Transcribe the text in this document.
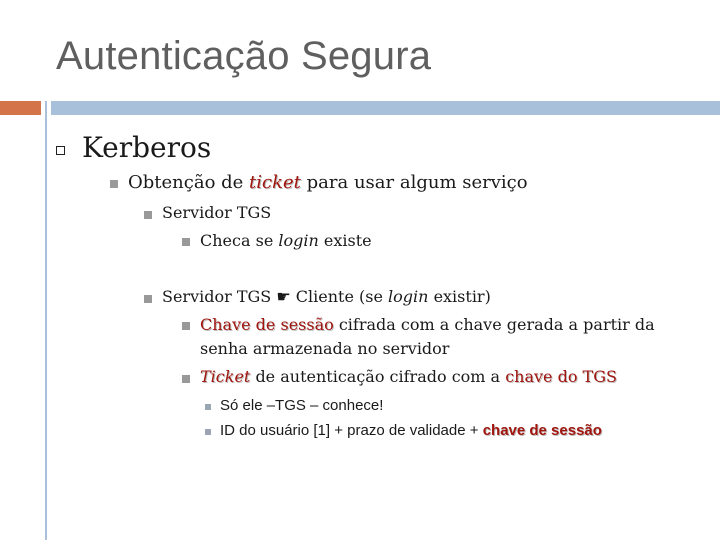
Autenticação Segura
Kerberos
Obtenção de ticket para usar algum serviço
Servidor TGS
Checa se login existe
Servidor TGS ☛ Cliente (se login existir)
Chave de sessão cifrada com a chave gerada a partir da
senha armazenada no servidor
Ticket de autenticação cifrado com a chave do TGS
Só ele –TGS – conhece!
ID do usuário [1] + prazo de validade + chave de sessão
